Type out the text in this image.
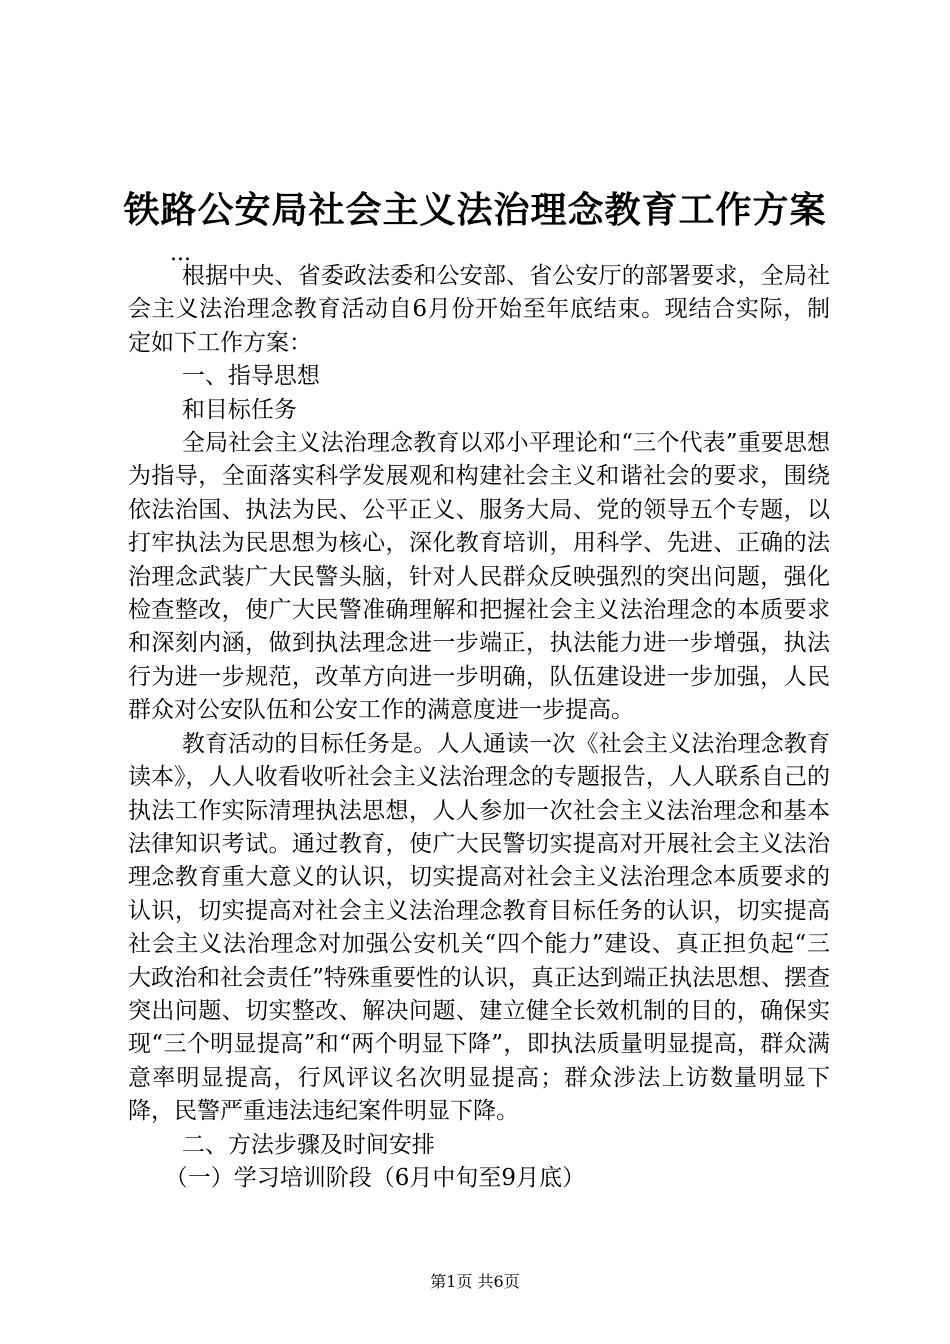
铁路公安局社会主义法治理念教育工作方案
...

根据中央、省委政法委和公安部、省公安厅的部署要求，全局社会主义法治理念教育活动自6月份开始至年底结束。现结合实际，制定如下工作方案：

一、指导思想

和目标任务

全局社会主义法治理念教育以邓小平理论和“三个代表”重要思想为指导，全面落实科学发展观和构建社会主义和谐社会的要求，围绕依法治国、执法为民、公平正义、服务大局、党的领导五个专题，以打牢执法为民思想为核心，深化教育培训，用科学、先进、正确的法治理念武装广大民警头脑，针对人民群众反映强烈的突出问题，强化检查整改，使广大民警准确理解和把握社会主义法治理念的本质要求和深刻内涵，做到执法理念进一步端正，执法能力进一步增强，执法行为进一步规范，改革方向进一步明确，队伍建设进一步加强，人民群众对公安队伍和公安工作的满意度进一步提高。

教育活动的目标任务是。人人通读一次《社会主义法治理念教育读本》，人人收看收听社会主义法治理念的专题报告，人人联系自己的执法工作实际清理执法思想，人人参加一次社会主义法治理念和基本法律知识考试。通过教育，使广大民警切实提高对开展社会主义法治理念教育重大意义的认识，切实提高对社会主义法治理念本质要求的认识，切实提高对社会主义法治理念教育目标任务的认识，切实提高社会主义法治理念对加强公安机关“四个能力”建设、真正担负起“三大政治和社会责任”特殊重要性的认识，真正达到端正执法思想、摆查突出问题、切实整改、解决问题、建立健全长效机制的目的，确保实现“三个明显提高”和“两个明显下降”，即执法质量明显提高，群众满意率明显提高，行风评议名次明显提高；群众涉法上访数量明显下降，民警严重违法违纪案件明显下降。

二、方法步骤及时间安排

（一）学习培训阶段（6月中旬至9月底）

第1页 共6页
